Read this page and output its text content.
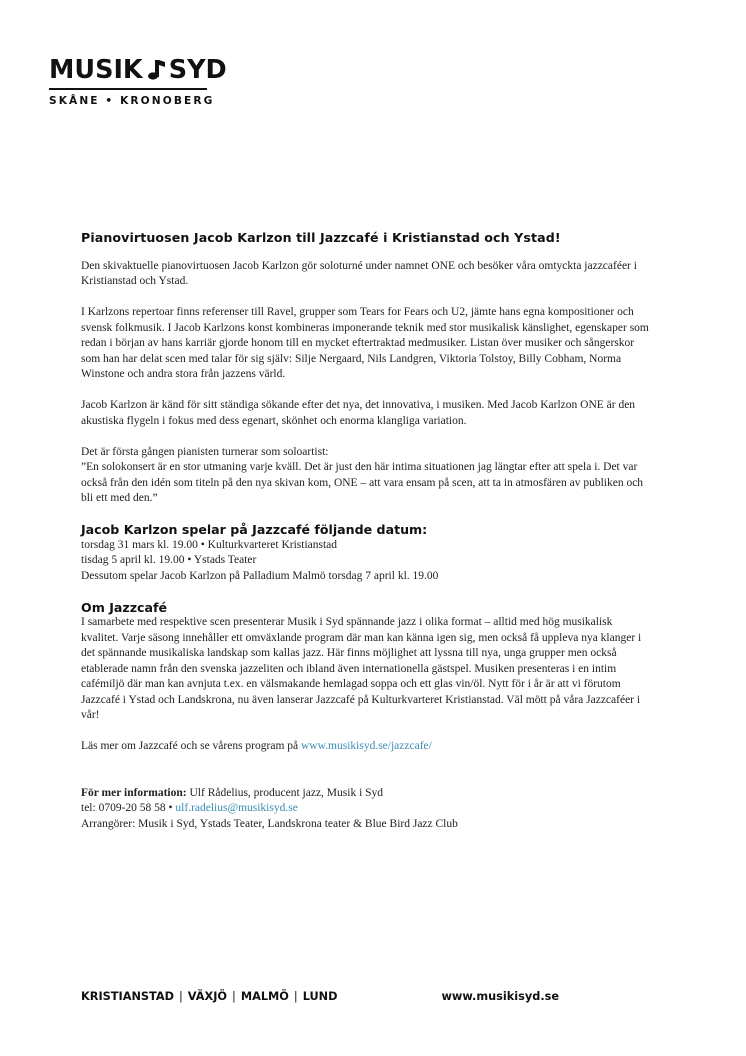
MUSIK SYD
SKÅNE • KRONOBERG
Pianovirtuosen Jacob Karlzon till Jazzcafé i Kristianstad och Ystad!

Den skivaktuelle pianovirtuosen Jacob Karlzon gör soloturné under namnet ONE och besöker våra omtyckta jazzcaféer i Kristianstad och Ystad.

I Karlzons repertoar finns referenser till Ravel, grupper som Tears for Fears och U2, jämte hans egna kompositioner och svensk folkmusik. I Jacob Karlzons konst kombineras imponerande teknik med stor musikalisk känslighet, egenskaper som redan i början av hans karriär gjorde honom till en mycket eftertraktad medmusiker. Listan över musiker och sångerskor som han har delat scen med talar för sig själv: Silje Nergaard, Nils Landgren, Viktoria Tolstoy, Billy Cobham, Norma Winstone och andra stora från jazzens värld.

Jacob Karlzon är känd för sitt ständiga sökande efter det nya, det innovativa, i musiken. Med Jacob Karlzon ONE är den akustiska flygeln i fokus med dess egenart, skönhet och enorma klangliga variation.

Det är första gången pianisten turnerar som soloartist:
”En solokonsert är en stor utmaning varje kväll. Det är just den här intima situationen jag längtar efter att spela i. Det var också från den idén som titeln på den nya skivan kom, ONE – att vara ensam på scen, att ta in atmosfären av publiken och bli ett med den.”

Jacob Karlzon spelar på Jazzcafé följande datum:
torsdag 31 mars kl. 19.00 • Kulturkvarteret Kristianstad
tisdag 5 april kl. 19.00 • Ystads Teater
Dessutom spelar Jacob Karlzon på Palladium Malmö torsdag 7 april kl. 19.00
Om Jazzcafé

I samarbete med respektive scen presenterar Musik i Syd spännande jazz i olika format – alltid med hög musikalisk kvalitet. Varje säsong innehåller ett omväxlande program där man kan känna igen sig, men också få uppleva nya klanger i det spännande musikaliska landskap som kallas jazz. Här finns möjlighet att lyssna till nya, unga grupper men också etablerade namn från den svenska jazzeliten och ibland även internationella gästspel. Musiken presenteras i en intim cafémiljö där man kan avnjuta t.ex. en välsmakande hemlagad soppa och ett glas vin/öl. Nytt för i år är att vi förutom Jazzcafé i Ystad och Landskrona, nu även lanserar Jazzcafé på Kulturkvarteret Kristianstad. Väl mött på våra Jazzcaféer i vår!

Läs mer om Jazzcafé och se vårens program på www.musikisyd.se/jazzcafe/

För mer information: Ulf Rådelius, producent jazz, Musik i Syd
tel: 0709-20 58 58 • ulf.radelius@musikisyd.se
Arrangörer: Musik i Syd, Ystads Teater, Landskrona teater & Blue Bird Jazz Club
KRISTIANSTAD | VÄXJÖ | MALMÖ | LUND	www.musikisyd.se
